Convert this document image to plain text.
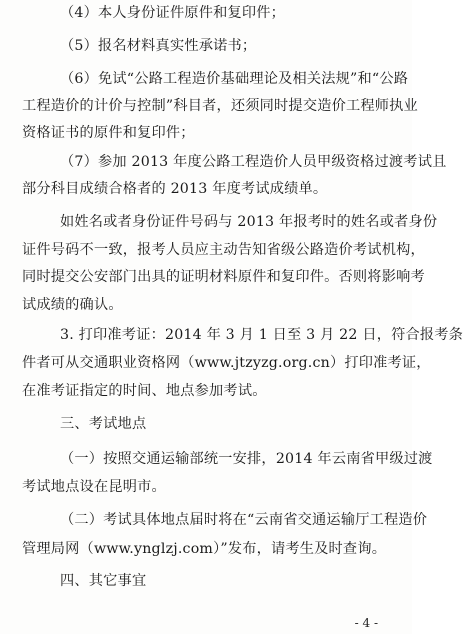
（4）本人身份证件原件和复印件；
（5）报名材料真实性承诺书；
（6）免试“公路工程造价基础理论及相关法规”和“公路
工程造价的计价与控制”科目者，还须同时提交造价工程师执业
资格证书的原件和复印件；
（7）参加 2013 年度公路工程造价人员甲级资格过渡考试且
部分科目成绩合格者的 2013 年度考试成绩单。
如姓名或者身份证件号码与 2013 年报考时的姓名或者身份
证件号码不一致，报考人员应主动告知省级公路造价考试机构，
同时提交公安部门出具的证明材料原件和复印件。否则将影响考
试成绩的确认。
3. 打印准考证：2014 年 3 月 1 日至 3 月 22 日，符合报考条
件者可从交通职业资格网（www.jtzyzg.org.cn）打印准考证，
在准考证指定的时间、地点参加考试。
三、考试地点
（一）按照交通运输部统一安排，2014 年云南省甲级过渡
考试地点设在昆明市。
（二）考试具体地点届时将在“云南省交通运输厅工程造价
管理局网（www.ynglzj.com）”发布，请考生及时查询。
四、其它事宜
- 4 -
